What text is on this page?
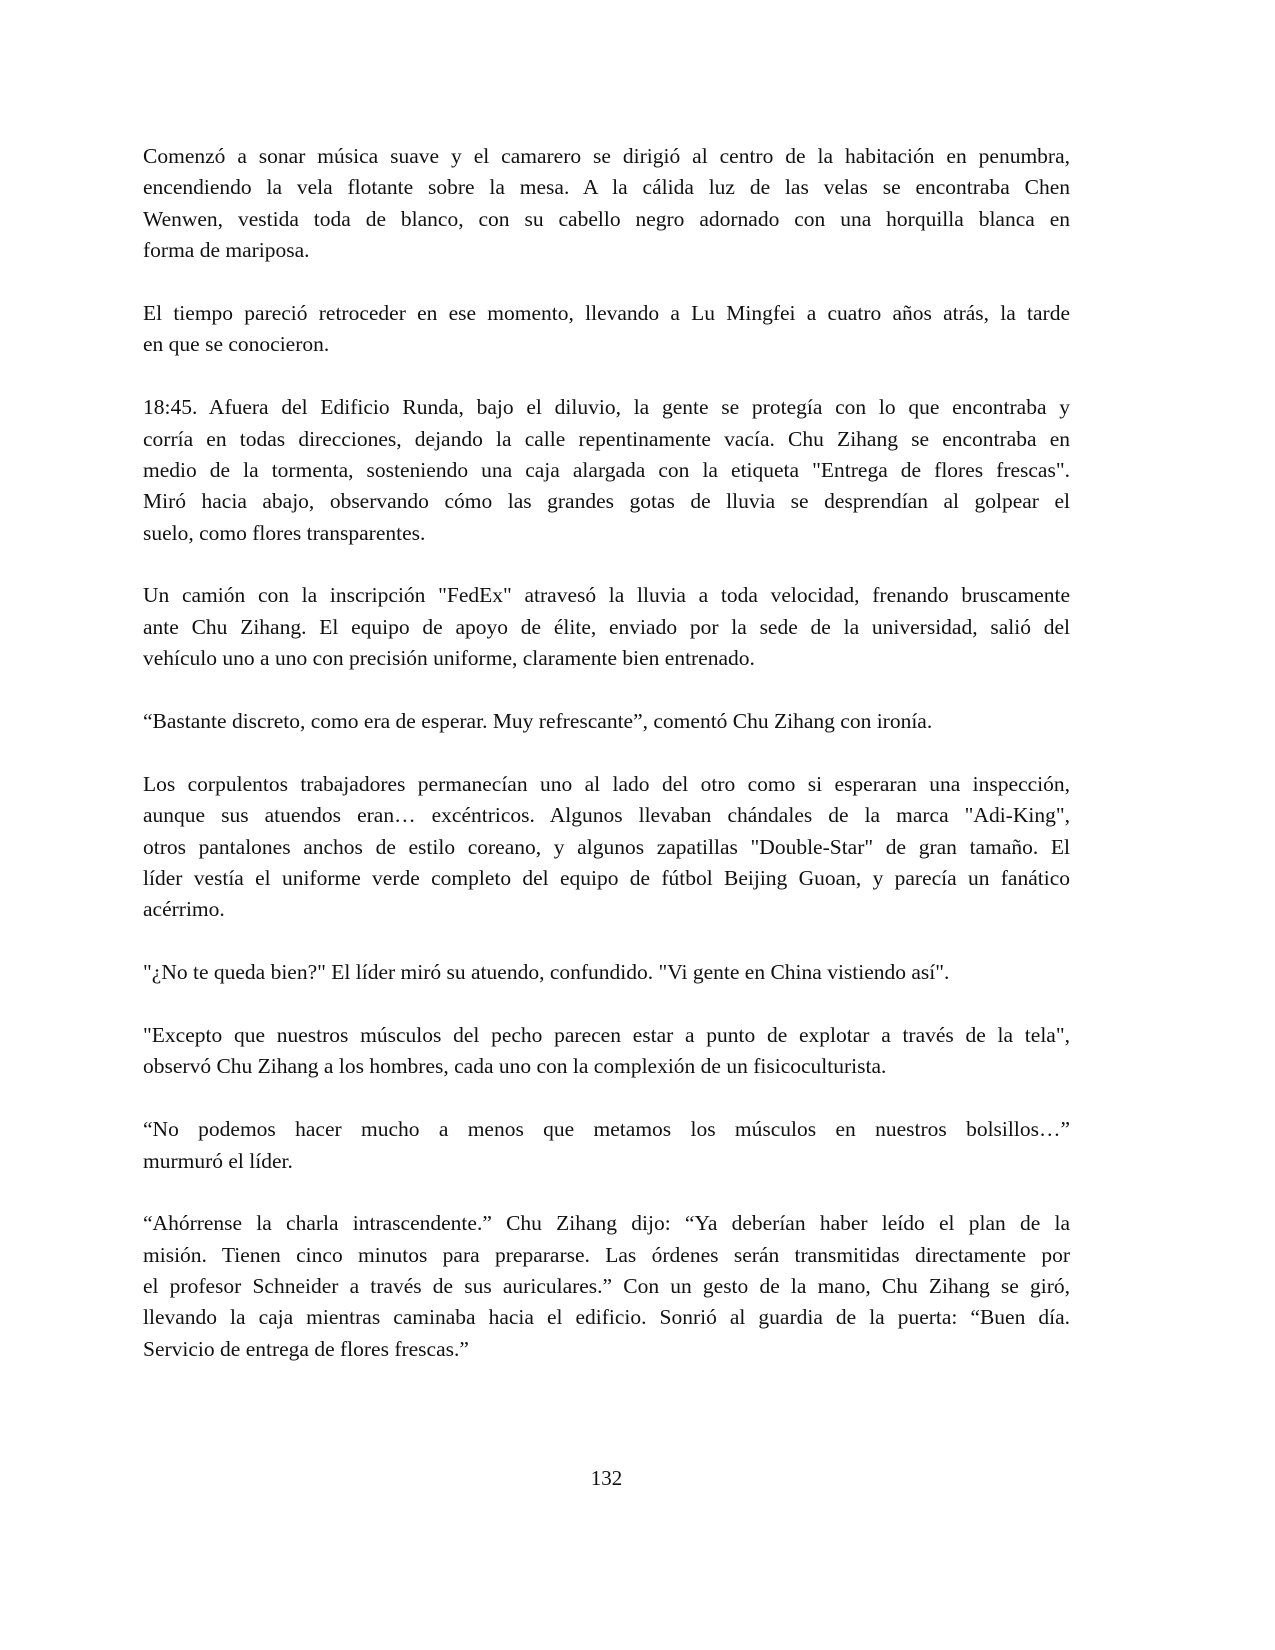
Comenzó a sonar música suave y el camarero se dirigió al centro de la habitación en penumbra,
encendiendo la vela flotante sobre la mesa. A la cálida luz de las velas se encontraba Chen
Wenwen, vestida toda de blanco, con su cabello negro adornado con una horquilla blanca en
forma de mariposa.
El tiempo pareció retroceder en ese momento, llevando a Lu Mingfei a cuatro años atrás, la tarde
en que se conocieron.
18:45. Afuera del Edificio Runda, bajo el diluvio, la gente se protegía con lo que encontraba y
corría en todas direcciones, dejando la calle repentinamente vacía. Chu Zihang se encontraba en
medio de la tormenta, sosteniendo una caja alargada con la etiqueta "Entrega de flores frescas".
Miró hacia abajo, observando cómo las grandes gotas de lluvia se desprendían al golpear el
suelo, como flores transparentes.
Un camión con la inscripción "FedEx" atravesó la lluvia a toda velocidad, frenando bruscamente
ante Chu Zihang. El equipo de apoyo de élite, enviado por la sede de la universidad, salió del
vehículo uno a uno con precisión uniforme, claramente bien entrenado.
“Bastante discreto, como era de esperar. Muy refrescante”, comentó Chu Zihang con ironía.
Los corpulentos trabajadores permanecían uno al lado del otro como si esperaran una inspección,
aunque sus atuendos eran… excéntricos. Algunos llevaban chándales de la marca "Adi-King",
otros pantalones anchos de estilo coreano, y algunos zapatillas "Double-Star" de gran tamaño. El
líder vestía el uniforme verde completo del equipo de fútbol Beijing Guoan, y parecía un fanático
acérrimo.
"¿No te queda bien?" El líder miró su atuendo, confundido. "Vi gente en China vistiendo así".
"Excepto que nuestros músculos del pecho parecen estar a punto de explotar a través de la tela",
observó Chu Zihang a los hombres, cada uno con la complexión de un fisicoculturista.
“No podemos hacer mucho a menos que metamos los músculos en nuestros bolsillos…”
murmuró el líder.
“Ahórrense la charla intrascendente.” Chu Zihang dijo: “Ya deberían haber leído el plan de la
misión. Tienen cinco minutos para prepararse. Las órdenes serán transmitidas directamente por
el profesor Schneider a través de sus auriculares.” Con un gesto de la mano, Chu Zihang se giró,
llevando la caja mientras caminaba hacia el edificio. Sonrió al guardia de la puerta: “Buen día.
Servicio de entrega de flores frescas.”
132
